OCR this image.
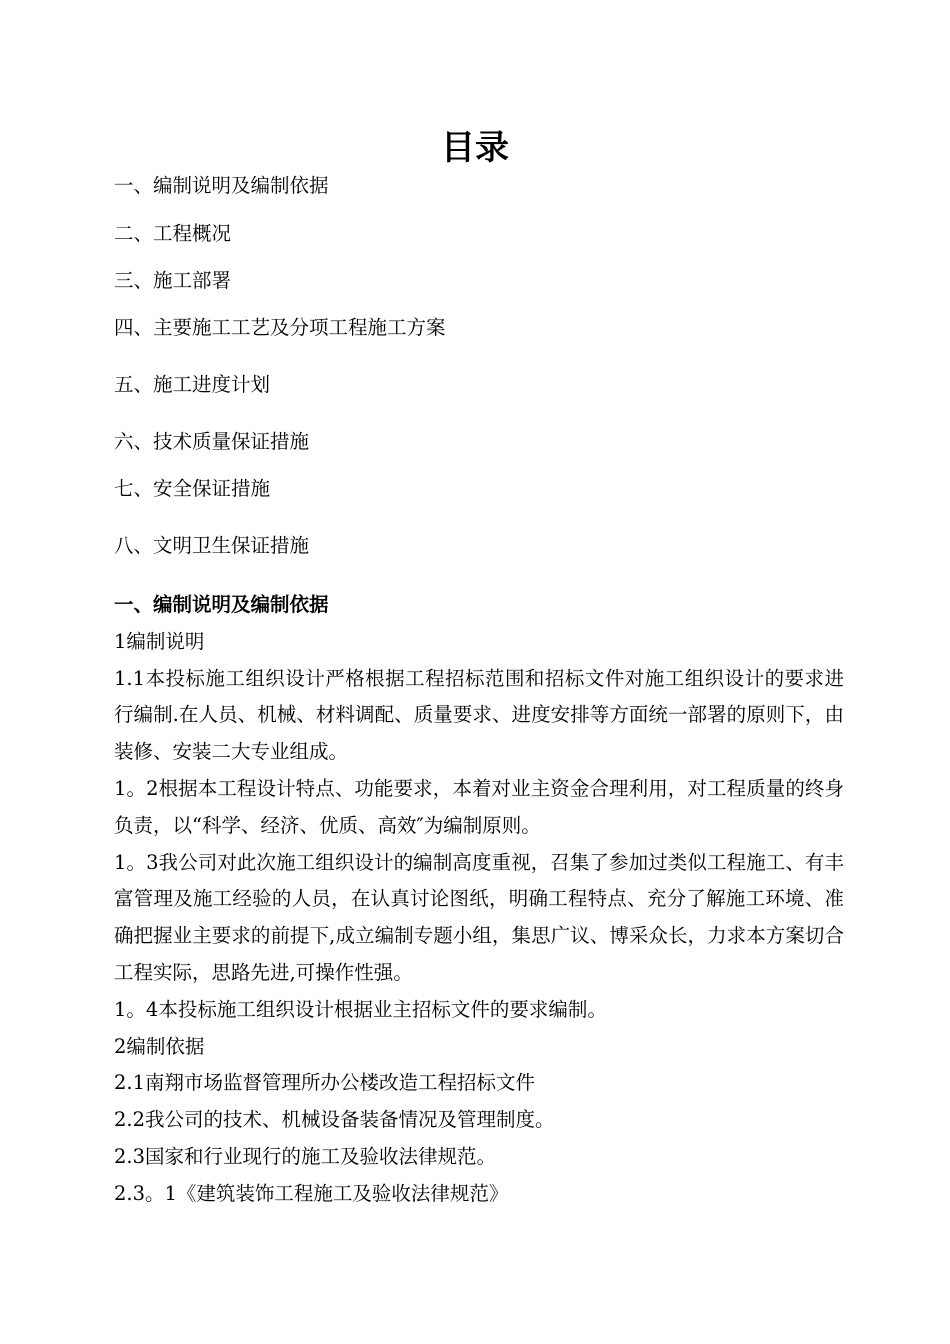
目录
一、编制说明及编制依据
二、工程概况
三、施工部署
四、主要施工工艺及分项工程施工方案
五、施工进度计划
六、技术质量保证措施
七、安全保证措施
八、文明卫生保证措施

一、编制说明及编制依据

1编制说明

1.1本投标施工组织设计严格根据工程招标范围和招标文件对施工组织设计的要求进行编制.在人员、机械、材料调配、质量要求、进度安排等方面统一部署的原则下，由装修、安装二大专业组成。

1。2根据本工程设计特点、功能要求，本着对业主资金合理利用，对工程质量的终身负责，以“科学、经济、优质、高效″为编制原则。

1。3我公司对此次施工组织设计的编制高度重视，召集了参加过类似工程施工、有丰富管理及施工经验的人员，在认真讨论图纸，明确工程特点、充分了解施工环境、准确把握业主要求的前提下,成立编制专题小组，集思广议、博采众长，力求本方案切合工程实际，思路先进,可操作性强。

1。4本投标施工组织设计根据业主招标文件的要求编制。

2编制依据

2.1南翔市场监督管理所办公楼改造工程招标文件

2.2我公司的技术、机械设备装备情况及管理制度。

2.3国家和行业现行的施工及验收法律规范。

2.3。1《建筑装饰工程施工及验收法律规范》
